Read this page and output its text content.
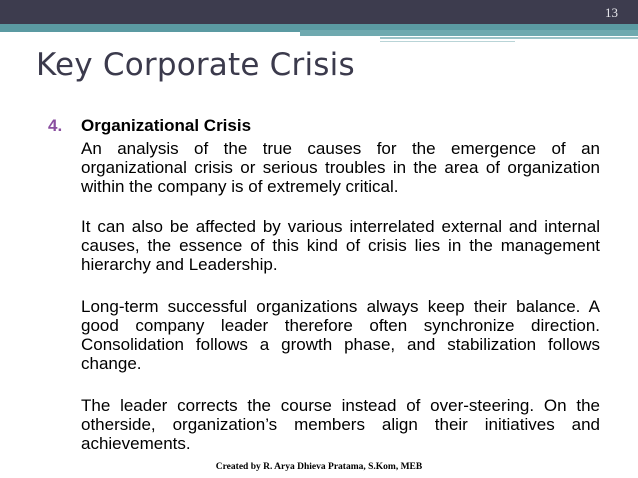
13
Key Corporate Crisis
4. Organizational Crisis

An analysis of the true causes for the emergence of an organizational crisis or serious troubles in the area of organization within the company is of extremely critical.

It can also be affected by various interrelated external and internal causes, the essence of this kind of crisis lies in the management hierarchy and Leadership.

Long-term successful organizations always keep their balance. A good company leader therefore often synchronize direction. Consolidation follows a growth phase, and stabilization follows change.

The leader corrects the course instead of over-steering. On the otherside, organization’s members align their initiatives and achievements.

Created by R. Arya Dhieva Pratama, S.Kom, MEB
